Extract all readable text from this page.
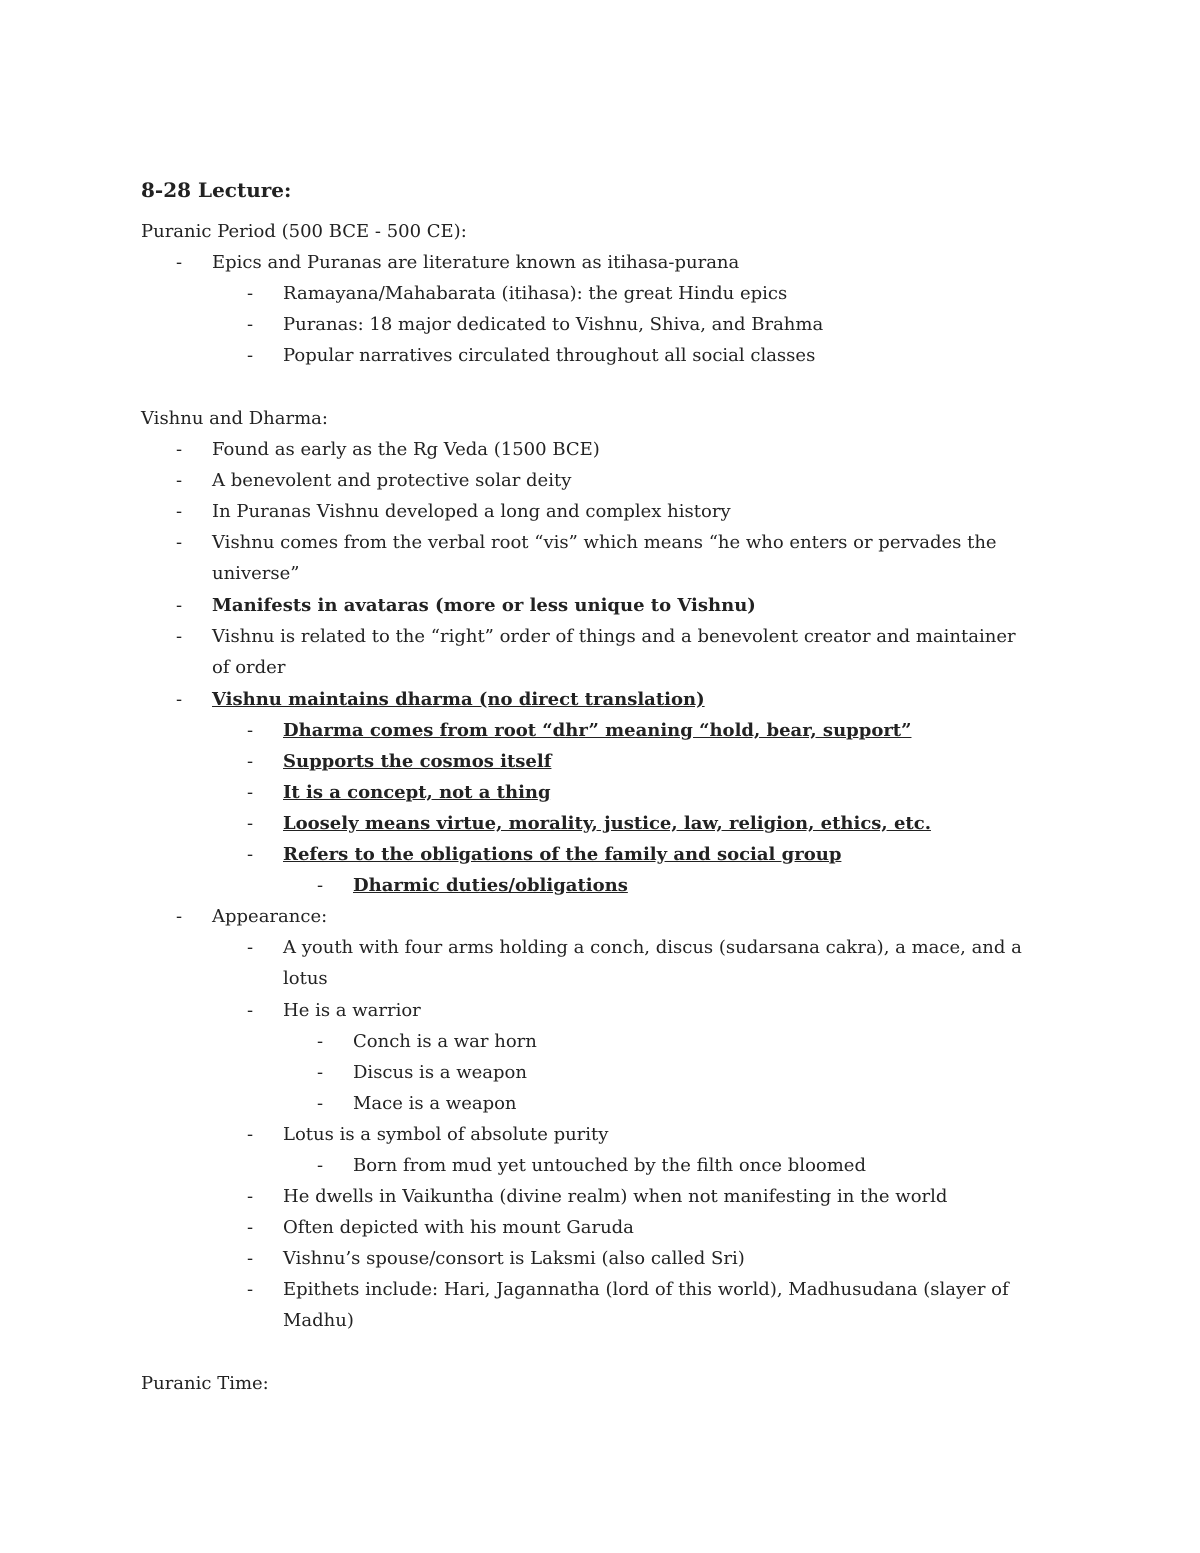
8-28 Lecture:

Puranic Period (500 BCE - 500 CE):

- Epics and Puranas are literature known as itihasa-purana
- Ramayana/Mahabarata (itihasa): the great Hindu epics
- Puranas: 18 major dedicated to Vishnu, Shiva, and Brahma
- Popular narratives circulated throughout all social classes

Vishnu and Dharma:

- Found as early as the Rg Veda (1500 BCE)
- A benevolent and protective solar deity
- In Puranas Vishnu developed a long and complex history
- Vishnu comes from the verbal root “vis” which means “he who enters or pervades the universe”
- Manifests in avataras (more or less unique to Vishnu)
- Vishnu is related to the “right” order of things and a benevolent creator and maintainer of order
- Vishnu maintains dharma (no direct translation)
- Dharma comes from root “dhr” meaning “hold, bear, support”
- Supports the cosmos itself
- It is a concept, not a thing
- Loosely means virtue, morality, justice, law, religion, ethics, etc.
- Refers to the obligations of the family and social group
- Dharmic duties/obligations
- Appearance:
- A youth with four arms holding a conch, discus (sudarsana cakra), a mace, and a lotus
- He is a warrior
- Conch is a war horn
- Discus is a weapon
- Mace is a weapon
- Lotus is a symbol of absolute purity
- Born from mud yet untouched by the filth once bloomed
- He dwells in Vaikuntha (divine realm) when not manifesting in the world
- Often depicted with his mount Garuda
- Vishnu’s spouse/consort is Laksmi (also called Sri)
- Epithets include: Hari, Jagannatha (lord of this world), Madhusudana (slayer of Madhu)

Puranic Time:
